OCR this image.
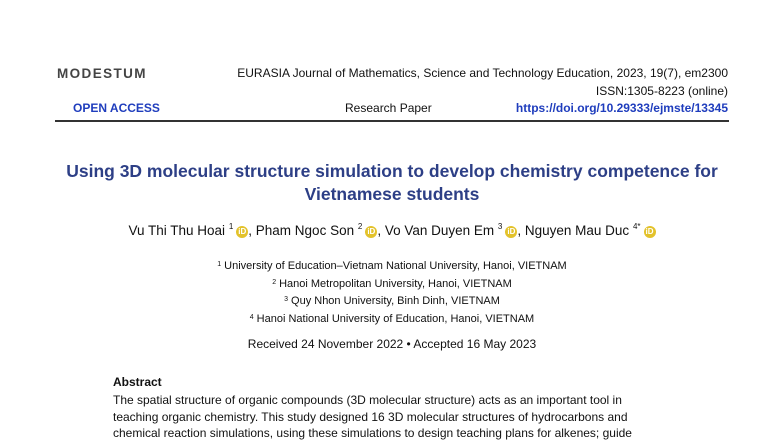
MODESTUM	EURASIA Journal of Mathematics, Science and Technology Education, 2023, 19(7), em2300
ISSN:1305-8223 (online)
OPEN ACCESS	Research Paper	https://doi.org/10.29333/ejmste/13345
Using 3D molecular structure simulation to develop chemistry competence for Vietnamese students
Vu Thi Thu Hoai $^1$iD , Pham Ngoc Son $^2$iD , Vo Van Duyen Em $^3$iD , Nguyen Mau Duc $^{4*}$iD
$^1$ University of Education–Vietnam National University, Hanoi, VIETNAM
$^2$ Hanoi Metropolitan University, Hanoi, VIETNAM
$^3$ Quy Nhon University, Binh Dinh, VIETNAM
$^4$ Hanoi National University of Education, Hanoi, VIETNAM
Received 24 November 2022 • Accepted 16 May 2023
Abstract
The spatial structure of organic compounds (3D molecular structure) acts as an important tool in
teaching organic chemistry. This study designed 16 3D molecular structures of hydrocarbons and
chemical reaction simulations, using these simulations to design teaching plans for alkenes; guide
